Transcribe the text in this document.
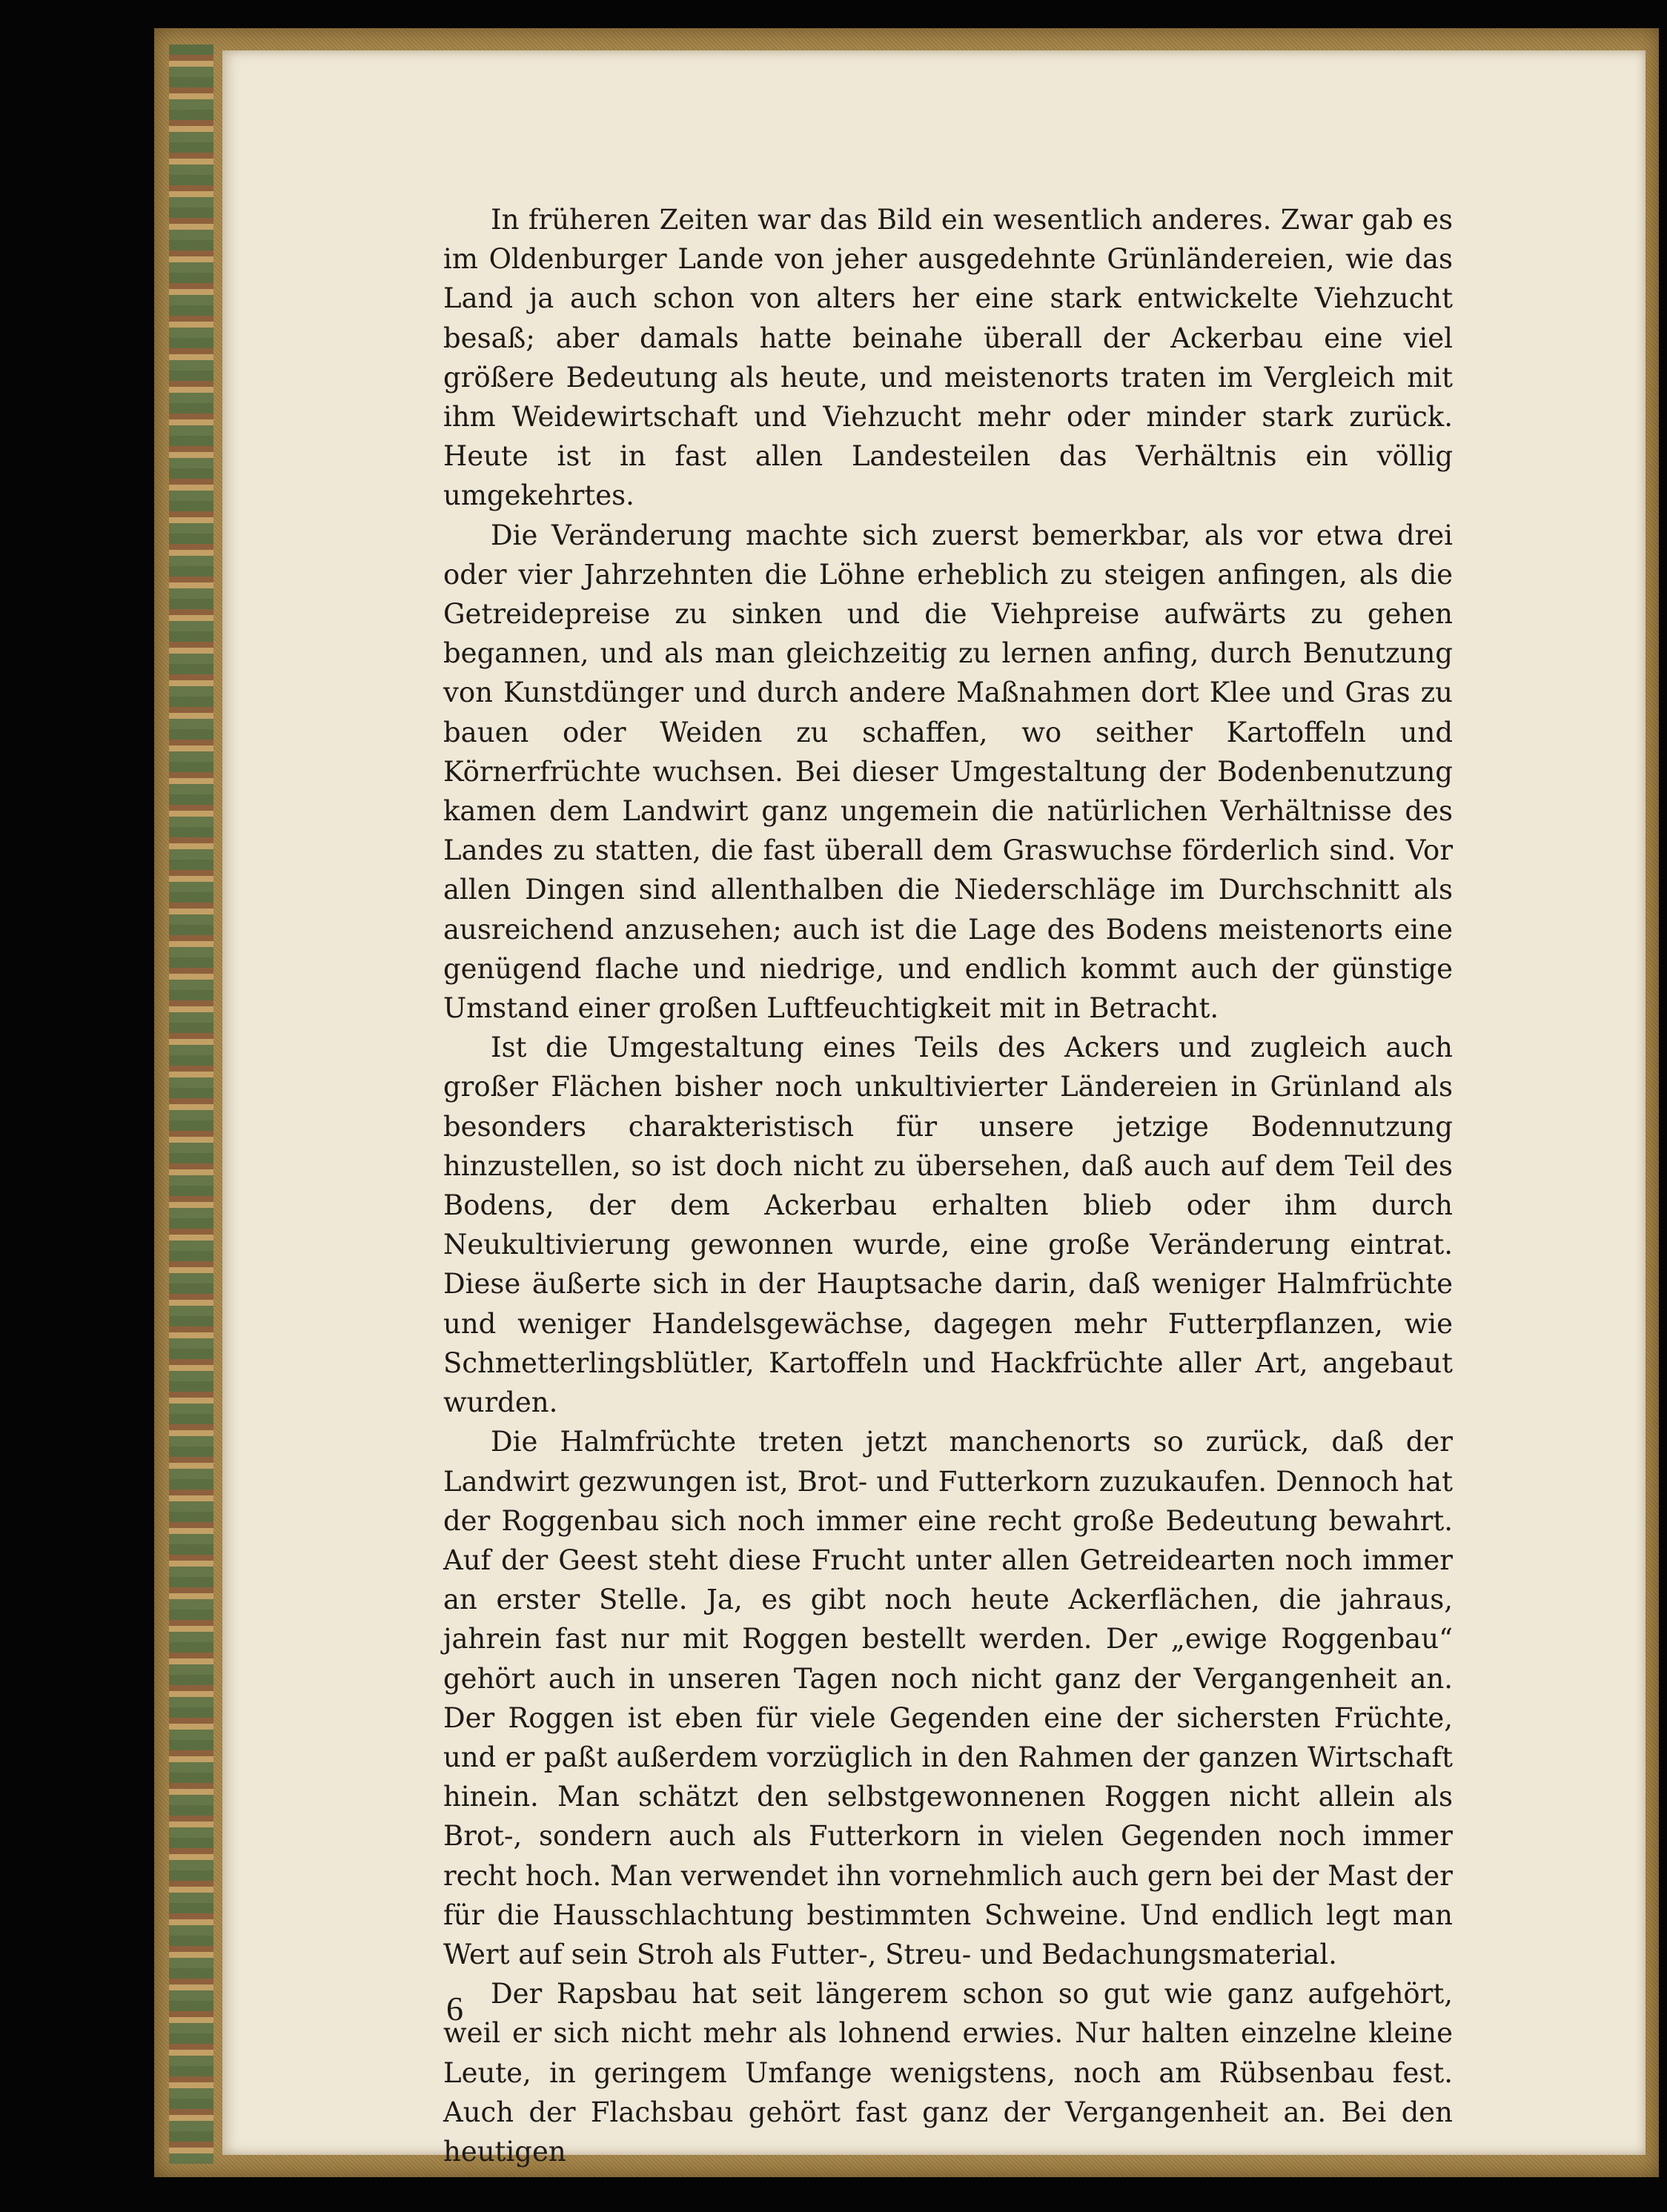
In früheren Zeiten war das Bild ein wesentlich anderes. Zwar gab es im Oldenburger Lande von jeher ausgedehnte Grünländereien, wie das Land ja auch schon von alters her eine stark entwickelte Viehzucht besaß; aber damals hatte beinahe überall der Ackerbau eine viel größere Bedeutung als heute, und meistenorts traten im Vergleich mit ihm Weidewirtschaft und Viehzucht mehr oder minder stark zurück. Heute ist in fast allen Landesteilen das Verhältnis ein völlig umgekehrtes.

Die Veränderung machte sich zuerst bemerkbar, als vor etwa drei oder vier Jahrzehnten die Löhne erheblich zu steigen anfingen, als die Getreidepreise zu sinken und die Viehpreise aufwärts zu gehen begannen, und als man gleichzeitig zu lernen anfing, durch Benutzung von Kunstdünger und durch andere Maßnahmen dort Klee und Gras zu bauen oder Weiden zu schaffen, wo seither Kartoffeln und Körnerfrüchte wuchsen. Bei dieser Umgestaltung der Bodenbenutzung kamen dem Landwirt ganz ungemein die natürlichen Verhältnisse des Landes zu statten, die fast überall dem Graswuchse förderlich sind. Vor allen Dingen sind allenthalben die Niederschläge im Durchschnitt als ausreichend anzusehen; auch ist die Lage des Bodens meistenorts eine genügend flache und niedrige, und endlich kommt auch der günstige Umstand einer großen Luftfeuchtigkeit mit in Betracht.

Ist die Umgestaltung eines Teils des Ackers und zugleich auch großer Flächen bisher noch unkultivierter Ländereien in Grünland als besonders charakteristisch für unsere jetzige Bodennutzung hinzustellen, so ist doch nicht zu übersehen, daß auch auf dem Teil des Bodens, der dem Ackerbau erhalten blieb oder ihm durch Neukultivierung gewonnen wurde, eine große Veränderung eintrat. Diese äußerte sich in der Hauptsache darin, daß weniger Halmfrüchte und weniger Handelsgewächse, dagegen mehr Futterpflanzen, wie Schmetterlingsblütler, Kartoffeln und Hackfrüchte aller Art, angebaut wurden.

Die Halmfrüchte treten jetzt manchenorts so zurück, daß der Landwirt gezwungen ist, Brot- und Futterkorn zuzukaufen. Dennoch hat der Roggenbau sich noch immer eine recht große Bedeutung bewahrt. Auf der Geest steht diese Frucht unter allen Getreidearten noch immer an erster Stelle. Ja, es gibt noch heute Ackerflächen, die jahraus, jahrein fast nur mit Roggen bestellt werden. Der „ewige Roggenbau“ gehört auch in unseren Tagen noch nicht ganz der Vergangenheit an. Der Roggen ist eben für viele Gegenden eine der sichersten Früchte, und er paßt außerdem vorzüglich in den Rahmen der ganzen Wirtschaft hinein. Man schätzt den selbstgewonnenen Roggen nicht allein als Brot-, sondern auch als Futterkorn in vielen Gegenden noch immer recht hoch. Man verwendet ihn vornehmlich auch gern bei der Mast der für die Hausschlachtung bestimmten Schweine. Und endlich legt man Wert auf sein Stroh als Futter-, Streu- und Bedachungsmaterial.

Der Rapsbau hat seit längerem schon so gut wie ganz aufgehört, weil er sich nicht mehr als lohnend erwies. Nur halten einzelne kleine Leute, in geringem Umfange wenigstens, noch am Rübsenbau fest. Auch der Flachsbau gehört fast ganz der Vergangenheit an. Bei den heutigen

6
